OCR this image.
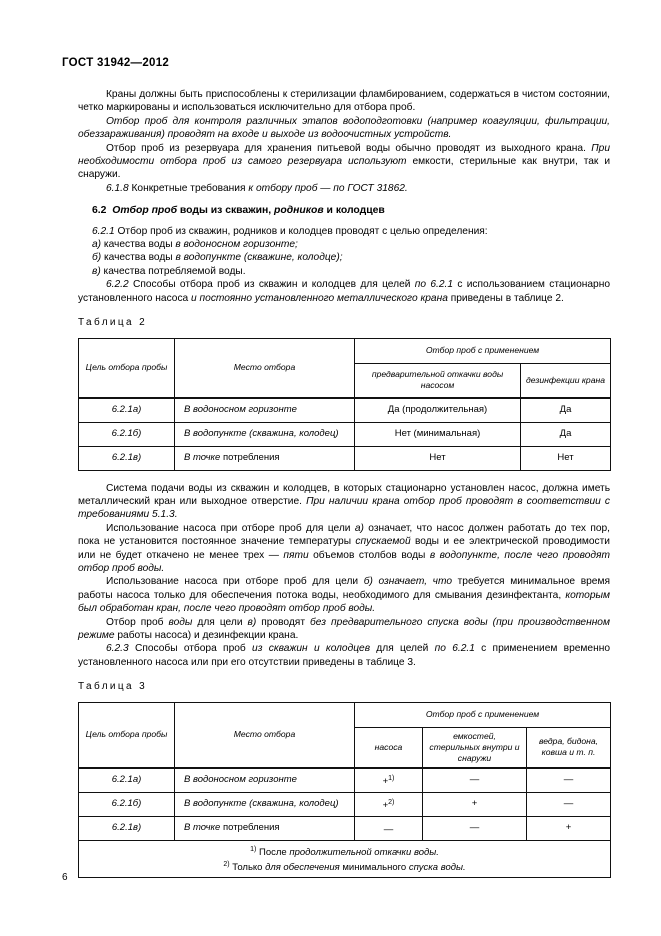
ГОСТ 31942—2012

Краны должны быть приспособлены к стерилизации фламбированием, содержаться в чистом состоянии, четко маркированы и использоваться исключительно для отбора проб.

Отбор проб для контроля различных этапов водоподготовки (например коагуляции, фильтрации, обеззараживания) проводят на входе и выходе из водоочистных устройств.

Отбор проб из резервуара для хранения питьевой воды обычно проводят из выходного крана. При необходимости отбора проб из самого резервуара используют емкости, стерильные как внутри, так и снаружи.

6.1.8 Конкретные требования к отбору проб — по ГОСТ 31862.

6.2 Отбор проб воды из скважин, родников и колодцев

6.2.1 Отбор проб из скважин, родников и колодцев проводят с целью определения:

а) качества воды в водоносном горизонте;

б) качества воды в водопункте (скважине, колодце);

в) качества потребляемой воды.

6.2.2 Способы отбора проб из скважин и колодцев для целей по 6.2.1 с использованием стационарно установленного насоса и постоянно установленного металлического крана приведены в таблице 2.

Таблица 2

Цель отбора пробы	Место отбора	Отбор проб с применением	
		предварительной откачки воды насосом	дезинфекции крана
6.2.1а)	В водоносном горизонте	Да (продолжительная)	Да
6.2.1б)	В водопункте (скважина, колодец)	Нет (минимальная)	Да
6.2.1в)	В точке потребления	Нет	Нет

Система подачи воды из скважин и колодцев, в которых стационарно установлен насос, должна иметь металлический кран или выходное отверстие. При наличии крана отбор проб проводят в соответствии с требованиями 5.1.3.

Использование насоса при отборе проб для цели а) означает, что насос должен работать до тех пор, пока не установится постоянное значение температуры спускаемой воды и ее электрической проводимости или не будет откачено не менее трех — пяти объемов столбов воды в водопункте, после чего проводят отбор проб воды.

Использование насоса при отборе проб для цели б) означает, что требуется минимальное время работы насоса только для обеспечения потока воды, необходимого для смывания дезинфектанта, которым был обработан кран, после чего проводят отбор проб воды.

Отбор проб воды для цели в) проводят без предварительного спуска воды (при производственном режиме работы насоса) и дезинфекции крана.

6.2.3 Способы отбора проб из скважин и колодцев для целей по 6.2.1 с применением временно установленного насоса или при его отсутствии приведены в таблице 3.

Таблица 3

Цель отбора пробы	Место отбора	Отбор проб с применением		
		насоса	емкостей, стерильных внутри и снаружи	ведра, бидона, ковша и т. п.
6.2.1а)	В водоносном горизонте	+$^{1)}$	—	—
6.2.1б)	В водопункте (скважина, колодец)	+$^{2)}$	+	—
6.2.1в)	В точке потребления	—	—	+

$^{1)}$ После продолжительной откачки воды.
$^{2)}$ Только для обеспечения минимального спуска воды.				
6
